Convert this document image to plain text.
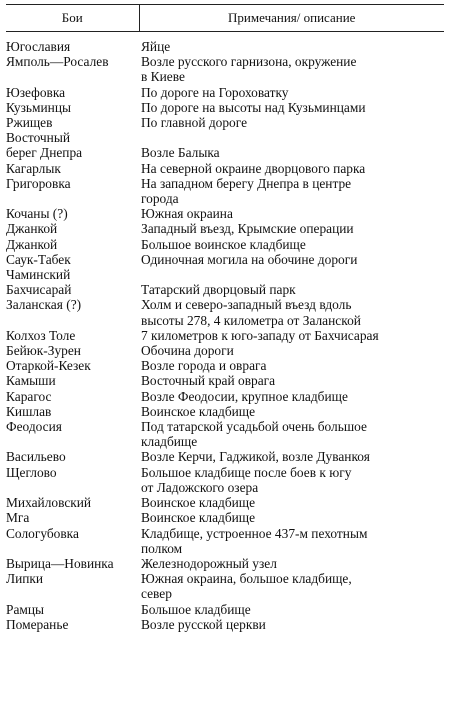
Бои	Примечания/ описание
Югославия	Яйце
Ямполь—Росалев	Возле русского гарнизона, окружение
в Киеве
Юзефовка	По дороге на Гороховатку
Кузьминцы	По дороге на высоты над Кузьминцами
Ржищев	По главной дороге
Восточный
берег Днепра	Возле Балыка
Кагарлык	На северной окраине дворцового парка
Григоровка	На западном берегу Днепра в центре
города
Кочаны (?)	Южная окраина
Джанкой	Западный въезд, Крымские операции
Джанкой	Большое воинское кладбище
Саук-Табек
Чаминский	Одиночная могила на обочине дороги
Бахчисарай	Татарский дворцовый парк
Заланская (?)	Холм и северо-западный въезд вдоль
высоты 278, 4 километра от Заланской
Колхоз Толе	7 километров к юго-западу от Бахчисарая
Бейюк-Зурен	Обочина дороги
Отаркой-Кезек	Возле города и оврага
Камыши	Восточный край оврага
Карагос	Возле Феодосии, крупное кладбище
Кишлав	Воинское кладбище
Феодосия	Под татарской усадьбой очень большое
кладбище
Васильево	Возле Керчи, Гаджикой, возле Дуванкоя
Щеглово	Большое кладбище после боев к югу
от Ладожского озера
Михайловский	Воинское кладбище
Мга	Воинское кладбище
Сологубовка	Кладбище, устроенное 437-м пехотным
полком
Вырица—Новинка	Железнодорожный узел
Липки	Южная окраина, большое кладбище,
север
Рамцы	Большое кладбище
Померанье	Возле русской церкви
